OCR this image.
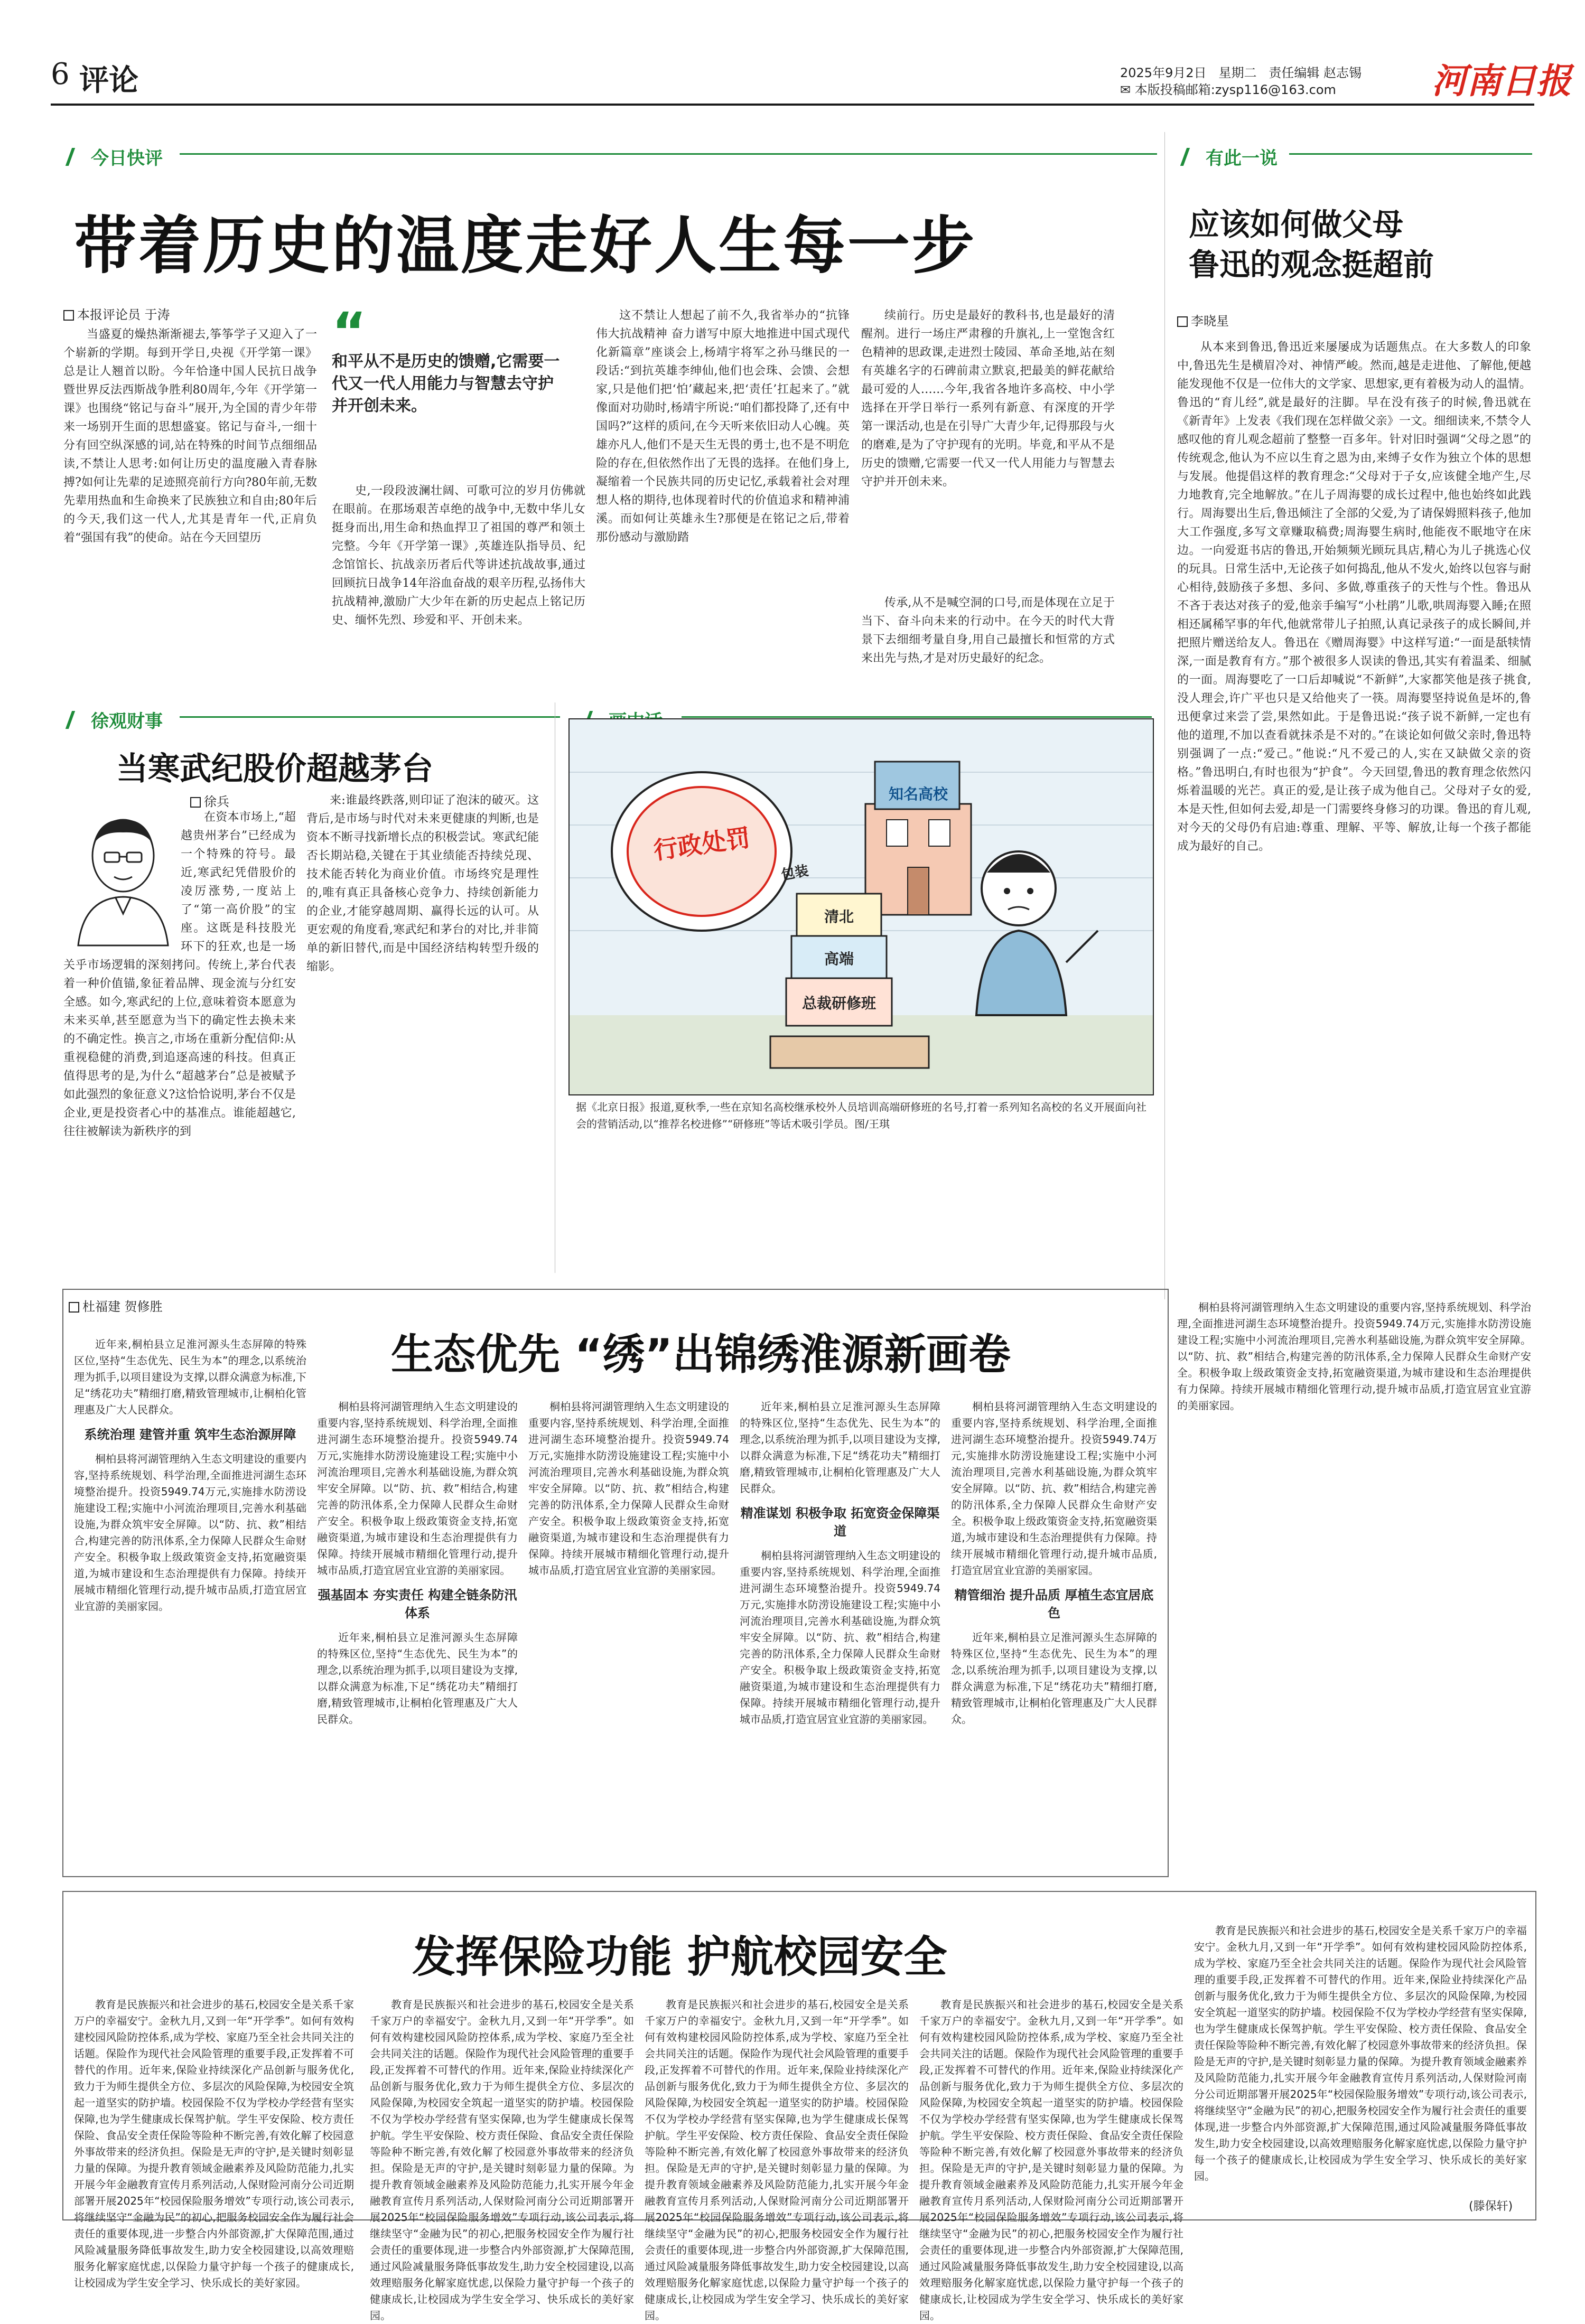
6 评论	2025年9月2日 星期二 责任编辑 赵志锡
✉ 本版投稿邮箱:zysp116@163.com	河南日报
今日快评
带着历史的温度走好人生每一步
本报评论员 于涛

当盛夏的燥热渐渐褪去,筝筝学子又迎入了一个崭新的学期。每到开学日,央视《开学第一课》总是让人翘首以盼。今年恰逢中国人民抗日战争暨世界反法西斯战争胜利80周年,今年《开学第一课》也围绕“铭记与奋斗”展开,为全国的青少年带来一场别开生面的思想盛宴。铭记与奋斗,一细十分有回空纵深感的词,站在特殊的时间节点细细品读,不禁让人思考:如何让历史的温度融入青春脉搏?如何让先辈的足迹照亮前行方向?80年前,无数先辈用热血和生命换来了民族独立和自由;80年后的今天,我们这一代人,尤其是青年一代,正肩负着“强国有我”的使命。站在今天回望历

“
和平从不是历史的馈赠,它需要一代又一代人用能力与智慧去守护并开创未来。

史,一段段波澜壮阔、可歌可泣的岁月仿佛就在眼前。在那场艰苦卓绝的战争中,无数中华儿女挺身而出,用生命和热血捍卫了祖国的尊严和领土完整。今年《开学第一课》,英雄连队指导员、纪念馆馆长、抗战亲历者后代等讲述抗战故事,通过回顾抗日战争14年浴血奋战的艰辛历程,弘扬伟大抗战精神,激励广大少年在新的历史起点上铭记历史、缅怀先烈、珍爱和平、开创未来。

这不禁让人想起了前不久,我省举办的“抗锋伟大抗战精神 奋力谱写中原大地推进中国式现代化新篇章”座谈会上,杨靖宇将军之孙马继民的一段话:“到抗英雄李绅仙,他们也会珠、会馈、会想家,只是他们把‘怕’藏起来,把‘责任’扛起来了。”就像面对功勋时,杨靖宇所说:“咱们都投降了,还有中国吗?”这样的质问,在今天听来依旧动人心魄。英雄亦凡人,他们不是天生无畏的勇士,也不是不明危险的存在,但依然作出了无畏的选择。在他们身上,凝缩着一个民族共同的历史记忆,承载着社会对理想人格的期待,也体现着时代的价值追求和精神浦溪。而如何让英雄永生?那便是在铭记之后,带着那份感动与激励踏

续前行。历史是最好的教科书,也是最好的清醒剂。进行一场庄严肃穆的升旗礼,上一堂饱含红色精神的思政课,走进烈士陵园、革命圣地,站在刻有英雄名字的石碑前肃立默哀,把最美的鲜花献给最可爱的人……今年,我省各地许多高校、中小学选择在开学日举行一系列有新意、有深度的开学第一课活动,也是在引导广大青少年,记得那段与火的磨难,是为了守护现有的光明。毕竟,和平从不是历史的馈赠,它需要一代又一代人用能力与智慧去守护并开创未来。

传承,从不是喊空洞的口号,而是体现在立足于当下、奋斗向未来的行动中。在今天的时代大背景下去细细考量自身,用自己最擅长和恒常的方式来出先与热,才是对历史最好的纪念。

有此一说
应该如何做父母
鲁迅的观念挺超前
李晓星

从本来到鲁迅,鲁迅近来屡屡成为话题焦点。在大多数人的印象中,鲁迅先生是横眉冷对、神情严峻。然而,越是走进他、了解他,便越能发现他不仅是一位伟大的文学家、思想家,更有着极为动人的温情。鲁迅的“育儿经”,就是最好的注脚。早在没有孩子的时候,鲁迅就在《新青年》上发表《我们现在怎样做父亲》一文。细细读来,不禁令人感叹他的育儿观念超前了整整一百多年。针对旧时强调“父母之恩”的传统观念,他认为不应以生育之恩为由,来缚子女作为独立个体的思想与发展。他提倡这样的教育理念:“父母对于子女,应该健全地产生,尽力地教育,完全地解放。”在儿子周海婴的成长过程中,他也始终如此践行。周海婴出生后,鲁迅倾注了全部的父爱,为了请保姆照料孩子,他加大工作强度,多写文章赚取稿费;周海婴生病时,他能夜不眠地守在床边。一向爱逛书店的鲁迅,开始频频光顾玩具店,精心为儿子挑选心仪的玩具。日常生活中,无论孩子如何捣乱,他从不发火,始终以包容与耐心相待,鼓励孩子多想、多问、多做,尊重孩子的天性与个性。鲁迅从不吝于表达对孩子的爱,他亲手编写“小杜鹃”儿歌,哄周海婴入睡;在照相还属稀罕事的年代,他就常带儿子拍照,认真记录孩子的成长瞬间,并把照片赠送给友人。鲁迅在《赠周海婴》中这样写道:“一面是舐犊情深,一面是教育有方。”那个被很多人误读的鲁迅,其实有着温柔、细腻的一面。周海婴吃了一口后却喊说“不新鲜”,大家都笑他是孩子挑食,没人理会,许广平也只是又给他夹了一筷。周海婴坚持说鱼是坏的,鲁迅便拿过来尝了尝,果然如此。于是鲁迅说:“孩子说不新鲜,一定也有他的道理,不加以查看就抹杀是不对的。”在谈论如何做父亲时,鲁迅特别强调了一点:“爱己。”他说:“凡不爱己的人,实在又缺做父亲的资格。”鲁迅明白,有时也很为“护食”。今天回望,鲁迅的教育理念依然闪烁着温暖的光芒。真正的爱,是让孩子成为他自己。父母对子女的爱,本是天性,但如何去爱,却是一门需要终身修习的功课。鲁迅的育儿观,对今天的父母仍有启迪:尊重、理解、平等、解放,让每一个孩子都能成为最好的自己。

徐观财事
当寒武纪股价超越茅台
徐兵

在资本市场上,“超越贵州茅台”已经成为一个特殊的符号。最近,寒武纪凭借股价的凌厉涨势,一度站上了“第一高价股”的宝座。这既是科技股光环下的狂欢,也是一场关乎市场逻辑的深刻拷问。传统上,茅台代表着一种价值锚,象征着品牌、现金流与分红安全感。如今,寒武纪的上位,意味着资本愿意为未来买单,甚至愿意为当下的确定性去换未来的不确定性。换言之,市场在重新分配信仰:从重视稳健的消费,到追逐高速的科技。但真正值得思考的是,为什么“超越茅台”总是被赋予如此强烈的象征意义?这恰恰说明,茅台不仅是企业,更是投资者心中的基准点。谁能超越它,往往被解读为新秩序的到

来:谁最终跌落,则印证了泡沫的破灭。这背后,是市场与时代对未来更健康的判断,也是资本不断寻找新增长点的积极尝试。寒武纪能否长期站稳,关键在于其业绩能否持续兑现、技术能否转化为商业价值。市场终究是理性的,唯有真正具备核心竞争力、持续创新能力的企业,才能穿越周期、赢得长远的认可。从更宏观的角度看,寒武纪和茅台的对比,并非简单的新旧替代,而是中国经济结构转型升级的缩影。

行政处罚
知名高校
包装
清北
高端
总裁研修班
据《北京日报》报道,夏秋季,一些在京知名高校继承校外人员培训高端研修班的名号,打着一系列知名高校的名义开展面向社会的营销活动,以“推荐名校进修”“研修班”等话术吸引学员。图/王琪
杜福建 贺修胜
生态优先 “绣”出锦绣淮源新画卷

近年来,桐柏县立足淮河源头生态屏障的特殊区位,坚持“生态优先、民生为本”的理念,以系统治理为抓手,以项目建设为支撑,以群众满意为标准,下足“绣花功夫”精细打磨,精致管理城市,让桐柏化管理惠及广大人民群众。

系统治理 建管并重 筑牢生态治源屏障

桐柏县将河湖管理纳入生态文明建设的重要内容,坚持系统规划、科学治理,全面推进河湖生态环境整治提升。投资5949.74万元,实施排水防涝设施建设工程;实施中小河流治理项目,完善水利基础设施,为群众筑牢安全屏障。以“防、抗、救”相结合,构建完善的防汛体系,全力保障人民群众生命财产安全。积极争取上级政策资金支持,拓宽融资渠道,为城市建设和生态治理提供有力保障。持续开展城市精细化管理行动,提升城市品质,打造宜居宜业宜游的美丽家园。

桐柏县将河湖管理纳入生态文明建设的重要内容,坚持系统规划、科学治理,全面推进河湖生态环境整治提升。投资5949.74万元,实施排水防涝设施建设工程;实施中小河流治理项目,完善水利基础设施,为群众筑牢安全屏障。以“防、抗、救”相结合,构建完善的防汛体系,全力保障人民群众生命财产安全。积极争取上级政策资金支持,拓宽融资渠道,为城市建设和生态治理提供有力保障。持续开展城市精细化管理行动,提升城市品质,打造宜居宜业宜游的美丽家园。

强基固本 夯实责任 构建全链条防汛体系

近年来,桐柏县立足淮河源头生态屏障的特殊区位,坚持“生态优先、民生为本”的理念,以系统治理为抓手,以项目建设为支撑,以群众满意为标准,下足“绣花功夫”精细打磨,精致管理城市,让桐柏化管理惠及广大人民群众。

桐柏县将河湖管理纳入生态文明建设的重要内容,坚持系统规划、科学治理,全面推进河湖生态环境整治提升。投资5949.74万元,实施排水防涝设施建设工程;实施中小河流治理项目,完善水利基础设施,为群众筑牢安全屏障。以“防、抗、救”相结合,构建完善的防汛体系,全力保障人民群众生命财产安全。积极争取上级政策资金支持,拓宽融资渠道,为城市建设和生态治理提供有力保障。持续开展城市精细化管理行动,提升城市品质,打造宜居宜业宜游的美丽家园。

近年来,桐柏县立足淮河源头生态屏障的特殊区位,坚持“生态优先、民生为本”的理念,以系统治理为抓手,以项目建设为支撑,以群众满意为标准,下足“绣花功夫”精细打磨,精致管理城市,让桐柏化管理惠及广大人民群众。

精准谋划 积极争取 拓宽资金保障渠道

桐柏县将河湖管理纳入生态文明建设的重要内容,坚持系统规划、科学治理,全面推进河湖生态环境整治提升。投资5949.74万元,实施排水防涝设施建设工程;实施中小河流治理项目,完善水利基础设施,为群众筑牢安全屏障。以“防、抗、救”相结合,构建完善的防汛体系,全力保障人民群众生命财产安全。积极争取上级政策资金支持,拓宽融资渠道,为城市建设和生态治理提供有力保障。持续开展城市精细化管理行动,提升城市品质,打造宜居宜业宜游的美丽家园。

桐柏县将河湖管理纳入生态文明建设的重要内容,坚持系统规划、科学治理,全面推进河湖生态环境整治提升。投资5949.74万元,实施排水防涝设施建设工程;实施中小河流治理项目,完善水利基础设施,为群众筑牢安全屏障。以“防、抗、救”相结合,构建完善的防汛体系,全力保障人民群众生命财产安全。积极争取上级政策资金支持,拓宽融资渠道,为城市建设和生态治理提供有力保障。持续开展城市精细化管理行动,提升城市品质,打造宜居宜业宜游的美丽家园。

精管细治 提升品质 厚植生态宜居底色

近年来,桐柏县立足淮河源头生态屏障的特殊区位,坚持“生态优先、民生为本”的理念,以系统治理为抓手,以项目建设为支撑,以群众满意为标准,下足“绣花功夫”精细打磨,精致管理城市,让桐柏化管理惠及广大人民群众。

桐柏县将河湖管理纳入生态文明建设的重要内容,坚持系统规划、科学治理,全面推进河湖生态环境整治提升。投资5949.74万元,实施排水防涝设施建设工程;实施中小河流治理项目,完善水利基础设施,为群众筑牢安全屏障。以“防、抗、救”相结合,构建完善的防汛体系,全力保障人民群众生命财产安全。积极争取上级政策资金支持,拓宽融资渠道,为城市建设和生态治理提供有力保障。持续开展城市精细化管理行动,提升城市品质,打造宜居宜业宜游的美丽家园。

发挥保险功能 护航校园安全

教育是民族振兴和社会进步的基石,校园安全是关系千家万户的幸福安宁。金秋九月,又到一年“开学季”。如何有效构建校园风险防控体系,成为学校、家庭乃至全社会共同关注的话题。保险作为现代社会风险管理的重要手段,正发挥着不可替代的作用。近年来,保险业持续深化产品创新与服务优化,致力于为师生提供全方位、多层次的风险保障,为校园安全筑起一道坚实的防护墙。校园保险不仅为学校办学经营有坚实保障,也为学生健康成长保驾护航。学生平安保险、校方责任保险、食品安全责任保险等险种不断完善,有效化解了校园意外事故带来的经济负担。保险是无声的守护,是关键时刻彰显力量的保障。为提升教育领域金融素养及风险防范能力,扎实开展今年金融教育宣传月系列活动,人保财险河南分公司近期部署开展2025年“校园保险服务增效”专项行动,该公司表示,将继续坚守“金融为民”的初心,把服务校园安全作为履行社会责任的重要体现,进一步整合内外部资源,扩大保障范围,通过风险减量服务降低事故发生,助力安全校园建设,以高效理赔服务化解家庭忧虑,以保险力量守护每一个孩子的健康成长,让校园成为学生安全学习、快乐成长的美好家园。

教育是民族振兴和社会进步的基石,校园安全是关系千家万户的幸福安宁。金秋九月,又到一年“开学季”。如何有效构建校园风险防控体系,成为学校、家庭乃至全社会共同关注的话题。保险作为现代社会风险管理的重要手段,正发挥着不可替代的作用。近年来,保险业持续深化产品创新与服务优化,致力于为师生提供全方位、多层次的风险保障,为校园安全筑起一道坚实的防护墙。校园保险不仅为学校办学经营有坚实保障,也为学生健康成长保驾护航。学生平安保险、校方责任保险、食品安全责任保险等险种不断完善,有效化解了校园意外事故带来的经济负担。保险是无声的守护,是关键时刻彰显力量的保障。为提升教育领域金融素养及风险防范能力,扎实开展今年金融教育宣传月系列活动,人保财险河南分公司近期部署开展2025年“校园保险服务增效”专项行动,该公司表示,将继续坚守“金融为民”的初心,把服务校园安全作为履行社会责任的重要体现,进一步整合内外部资源,扩大保障范围,通过风险减量服务降低事故发生,助力安全校园建设,以高效理赔服务化解家庭忧虑,以保险力量守护每一个孩子的健康成长,让校园成为学生安全学习、快乐成长的美好家园。

教育是民族振兴和社会进步的基石,校园安全是关系千家万户的幸福安宁。金秋九月,又到一年“开学季”。如何有效构建校园风险防控体系,成为学校、家庭乃至全社会共同关注的话题。保险作为现代社会风险管理的重要手段,正发挥着不可替代的作用。近年来,保险业持续深化产品创新与服务优化,致力于为师生提供全方位、多层次的风险保障,为校园安全筑起一道坚实的防护墙。校园保险不仅为学校办学经营有坚实保障,也为学生健康成长保驾护航。学生平安保险、校方责任保险、食品安全责任保险等险种不断完善,有效化解了校园意外事故带来的经济负担。保险是无声的守护,是关键时刻彰显力量的保障。为提升教育领域金融素养及风险防范能力,扎实开展今年金融教育宣传月系列活动,人保财险河南分公司近期部署开展2025年“校园保险服务增效”专项行动,该公司表示,将继续坚守“金融为民”的初心,把服务校园安全作为履行社会责任的重要体现,进一步整合内外部资源,扩大保障范围,通过风险减量服务降低事故发生,助力安全校园建设,以高效理赔服务化解家庭忧虑,以保险力量守护每一个孩子的健康成长,让校园成为学生安全学习、快乐成长的美好家园。

教育是民族振兴和社会进步的基石,校园安全是关系千家万户的幸福安宁。金秋九月,又到一年“开学季”。如何有效构建校园风险防控体系,成为学校、家庭乃至全社会共同关注的话题。保险作为现代社会风险管理的重要手段,正发挥着不可替代的作用。近年来,保险业持续深化产品创新与服务优化,致力于为师生提供全方位、多层次的风险保障,为校园安全筑起一道坚实的防护墙。校园保险不仅为学校办学经营有坚实保障,也为学生健康成长保驾护航。学生平安保险、校方责任保险、食品安全责任保险等险种不断完善,有效化解了校园意外事故带来的经济负担。保险是无声的守护,是关键时刻彰显力量的保障。为提升教育领域金融素养及风险防范能力,扎实开展今年金融教育宣传月系列活动,人保财险河南分公司近期部署开展2025年“校园保险服务增效”专项行动,该公司表示,将继续坚守“金融为民”的初心,把服务校园安全作为履行社会责任的重要体现,进一步整合内外部资源,扩大保障范围,通过风险减量服务降低事故发生,助力安全校园建设,以高效理赔服务化解家庭忧虑,以保险力量守护每一个孩子的健康成长,让校园成为学生安全学习、快乐成长的美好家园。

教育是民族振兴和社会进步的基石,校园安全是关系千家万户的幸福安宁。金秋九月,又到一年“开学季”。如何有效构建校园风险防控体系,成为学校、家庭乃至全社会共同关注的话题。保险作为现代社会风险管理的重要手段,正发挥着不可替代的作用。近年来,保险业持续深化产品创新与服务优化,致力于为师生提供全方位、多层次的风险保障,为校园安全筑起一道坚实的防护墙。校园保险不仅为学校办学经营有坚实保障,也为学生健康成长保驾护航。学生平安保险、校方责任保险、食品安全责任保险等险种不断完善,有效化解了校园意外事故带来的经济负担。保险是无声的守护,是关键时刻彰显力量的保障。为提升教育领域金融素养及风险防范能力,扎实开展今年金融教育宣传月系列活动,人保财险河南分公司近期部署开展2025年“校园保险服务增效”专项行动,该公司表示,将继续坚守“金融为民”的初心,把服务校园安全作为履行社会责任的重要体现,进一步整合内外部资源,扩大保障范围,通过风险减量服务降低事故发生,助力安全校园建设,以高效理赔服务化解家庭忧虑,以保险力量守护每一个孩子的健康成长,让校园成为学生安全学习、快乐成长的美好家园。

(滕保轩)
